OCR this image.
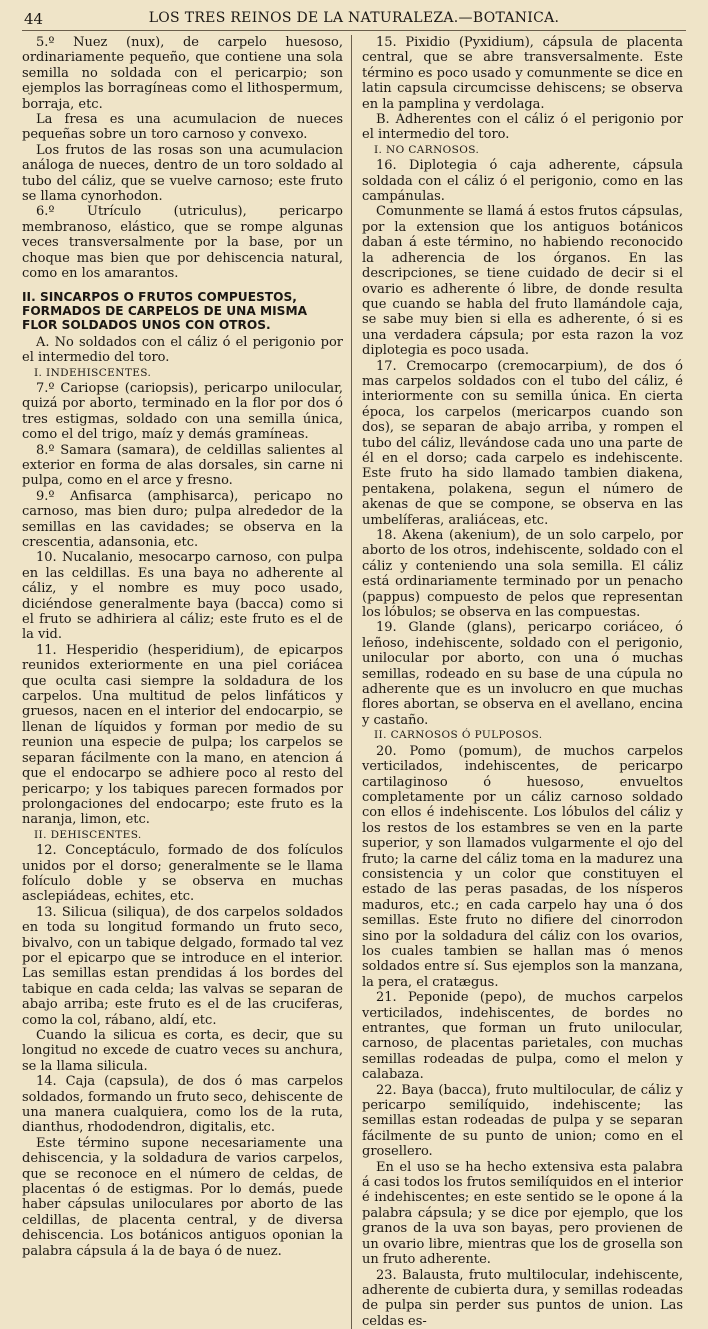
44	LOS TRES REINOS DE LA NATURALEZA.—BOTANICA.

5.º Nuez (nux), de carpelo huesoso, ordinariamente pequeño, que contiene una sola semilla no soldada con el pericarpio; son ejemplos las borragíneas como el lithospermum, borraja, etc.

La fresa es una acumulacion de nueces pequeñas sobre un toro carnoso y convexo.

Los frutos de las rosas son una acumulacion análoga de nueces, dentro de un toro soldado al tubo del cáliz, que se vuelve carnoso; este fruto se llama cynorhodon.

6.º Utrículo (utriculus), pericarpo membranoso, elástico, que se rompe algunas veces transversalmente por la base, por un choque mas bien que por dehiscencia natural, como en los amarantos.

II. SINCARPOS O FRUTOS COMPUESTOS, FORMADOS DE CARPELOS DE UNA MISMA FLOR SOLDADOS UNOS CON OTROS.

A. No soldados con el cáliz ó el perigonio por el intermedio del toro.

I. INDEHISCENTES.

7.º Cariopse (cariopsis), pericarpo unilocular, quizá por aborto, terminado en la flor por dos ó tres estigmas, soldado con una semilla única, como el del trigo, maíz y demás gramíneas.

8.º Samara (samara), de celdillas salientes al exterior en forma de alas dorsales, sin carne ni pulpa, como en el arce y fresno.

9.º Anfisarca (amphisarca), pericapo no carnoso, mas bien duro; pulpa alrededor de la semillas en las cavidades; se observa en la crescentia, adansonia, etc.

10. Nucalanio, mesocarpo carnoso, con pulpa en las celdillas. Es una baya no adherente al cáliz, y el nombre es muy poco usado, diciéndose generalmente baya (bacca) como si el fruto se adhiriera al cáliz; este fruto es el de la vid.

11. Hesperidio (hesperidium), de epicarpos reunidos exteriormente en una piel coriácea que oculta casi siempre la soldadura de los carpelos. Una multitud de pelos linfáticos y gruesos, nacen en el interior del endocarpio, se llenan de líquidos y forman por medio de su reunion una especie de pulpa; los carpelos se separan fácilmente con la mano, en atencion á que el endocarpo se adhiere poco al resto del pericarpo; y los tabiques parecen formados por prolongaciones del endocarpo; este fruto es la naranja, limon, etc.

II. DEHISCENTES.

12. Conceptáculo, formado de dos folículos unidos por el dorso; generalmente se le llama folículo doble y se observa en muchas asclepiádeas, echites, etc.

13. Silicua (siliqua), de dos carpelos soldados en toda su longitud formando un fruto seco, bivalvo, con un tabique delgado, formado tal vez por el epicarpo que se introduce en el interior. Las semillas estan prendidas á los bordes del tabique en cada celda; las valvas se separan de abajo arriba; este fruto es el de las cruciferas, como la col, rábano, aldí, etc.

Cuando la silicua es corta, es decir, que su longitud no excede de cuatro veces su anchura, se la llama silicula.

14. Caja (capsula), de dos ó mas carpelos soldados, formando un fruto seco, dehiscente de una manera cualquiera, como los de la ruta, dianthus, rhododendron, digitalis, etc.

Este término supone necesariamente una dehiscencia, y la soldadura de varios carpelos, que se reconoce en el número de celdas, de placentas ó de estigmas. Por lo demás, puede haber cápsulas uniloculares por aborto de las celdillas, de placenta central, y de diversa dehiscencia. Los botánicos antiguos oponian la palabra cápsula á la de baya ó de nuez.

15. Pixidio (Pyxidium), cápsula de placenta central, que se abre transversalmente. Este término es poco usado y comunmente se dice en latin capsula circumcisse dehiscens; se observa en la pamplina y verdolaga.

B. Adherentes con el cáliz ó el perigonio por el intermedio del toro.

I. NO CARNOSOS.

16. Diplotegia ó caja adherente, cápsula soldada con el cáliz ó el perigonio, como en las campánulas.

Comunmente se llamá á estos frutos cápsulas, por la extension que los antiguos botánicos daban á este término, no habiendo reconocido la adherencia de los órganos. En las descripciones, se tiene cuidado de decir si el ovario es adherente ó libre, de donde resulta que cuando se habla del fruto llamándole caja, se sabe muy bien si ella es adherente, ó si es una verdadera cápsula; por esta razon la voz diplotegia es poco usada.

17. Cremocarpo (cremocarpium), de dos ó mas carpelos soldados con el tubo del cáliz, é interiormente con su semilla única. En cierta época, los carpelos (mericarpos cuando son dos), se separan de abajo arriba, y rompen el tubo del cáliz, llevándose cada uno una parte de él en el dorso; cada carpelo es indehiscente. Este fruto ha sido llamado tambien diakena, pentakena, polakena, segun el número de akenas de que se compone, se observa en las umbelíferas, araliáceas, etc.

18. Akena (akenium), de un solo carpelo, por aborto de los otros, indehiscente, soldado con el cáliz y conteniendo una sola semilla. El cáliz está ordinariamente terminado por un penacho (pappus) compuesto de pelos que representan los lóbulos; se observa en las compuestas.

19. Glande (glans), pericarpo coriáceo, ó leñoso, indehiscente, soldado con el perigonio, unilocular por aborto, con una ó muchas semillas, rodeado en su base de una cúpula no adherente que es un involucro en que muchas flores abortan, se observa en el avellano, encina y castaño.

II. CARNOSOS Ó PULPOSOS.

20. Pomo (pomum), de muchos carpelos verticilados, indehiscentes, de pericarpo cartilaginoso ó huesoso, envueltos completamente por un cáliz carnoso soldado con ellos é indehiscente. Los lóbulos del cáliz y los restos de los estambres se ven en la parte superior, y son llamados vulgarmente el ojo del fruto; la carne del cáliz toma en la madurez una consistencia y un color que constituyen el estado de las peras pasadas, de los nísperos maduros, etc.; en cada carpelo hay una ó dos semillas. Este fruto no difiere del cinorrodon sino por la soldadura del cáliz con los ovarios, los cuales tambien se hallan mas ó menos soldados entre sí. Sus ejemplos son la manzana, la pera, el cratægus.

21. Peponide (pepo), de muchos carpelos verticilados, indehiscentes, de bordes no entrantes, que forman un fruto unilocular, carnoso, de placentas parietales, con muchas semillas rodeadas de pulpa, como el melon y calabaza.

22. Baya (bacca), fruto multilocular, de cáliz y pericarpo semilíquido, indehiscente; las semillas estan rodeadas de pulpa y se separan fácilmente de su punto de union; como en el grosellero.

En el uso se ha hecho extensiva esta palabra á casi todos los frutos semilíquidos en el interior é indehiscentes; en este sentido se le opone á la palabra cápsula; y se dice por ejemplo, que los granos de la uva son bayas, pero provienen de un ovario libre, mientras que los de grosella son un fruto adherente.

23. Balausta, fruto multilocular, indehiscente, adherente de cubierta dura, y semillas rodeadas de pulpa sin perder sus puntos de union. Las celdas es-
